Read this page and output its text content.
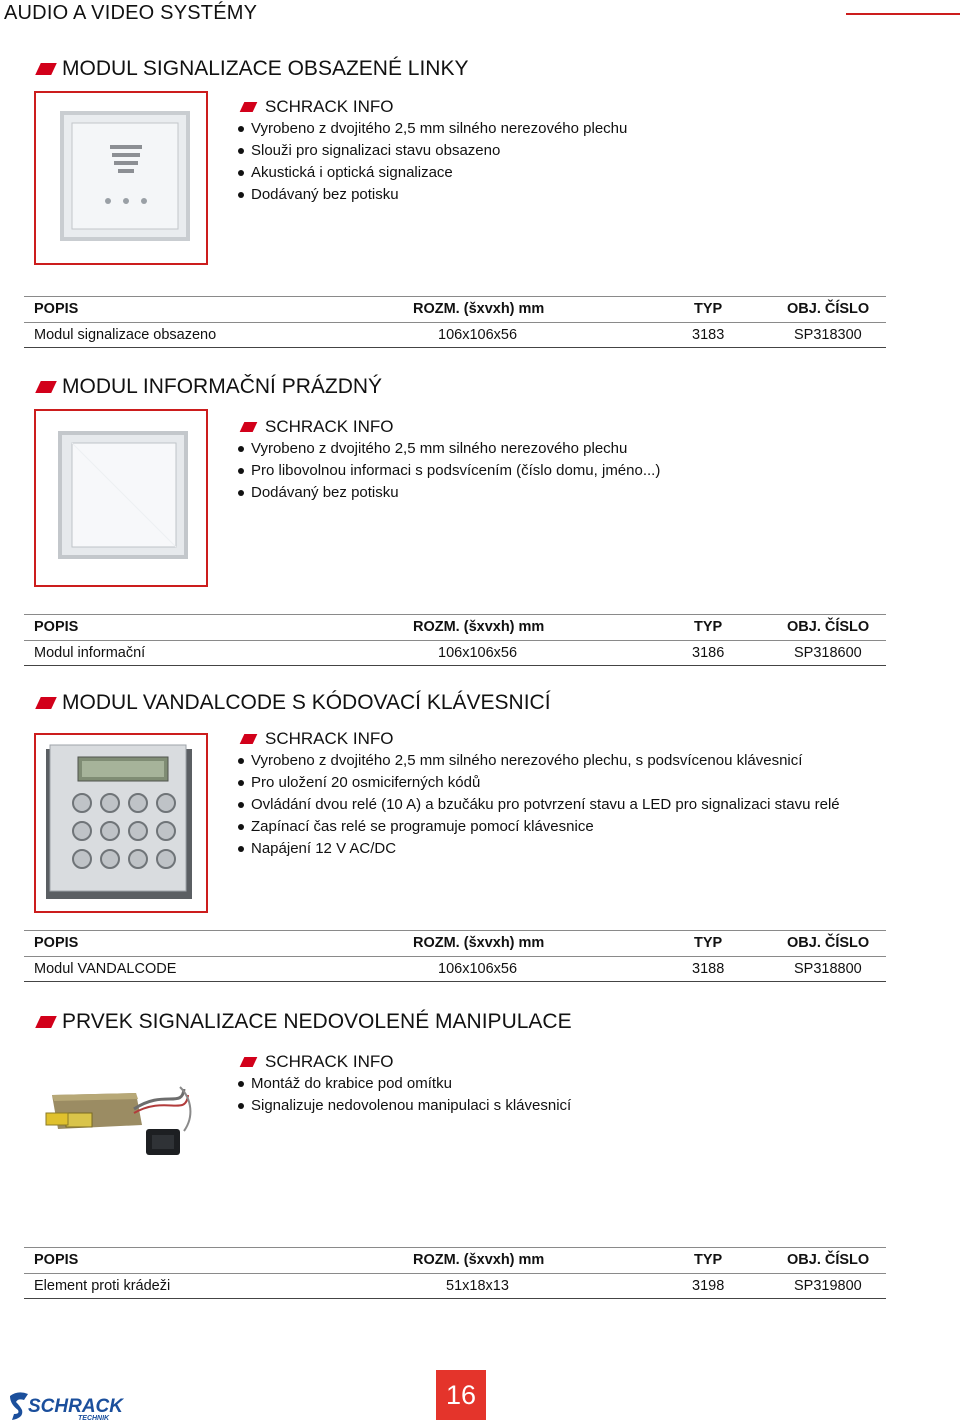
AUDIO A VIDEO SYSTÉMY
MODUL SIGNALIZACE OBSAZENÉ LINKY
SCHRACK INFO
Vyrobeno z dvojitého 2,5 mm silného nerezového plechu
Slouži pro signalizaci stavu obsazeno
Akustická i optická signalizace
Dodávaný bez potisku
POPIS	ROZM. (šxvxh) mm	TYP	OBJ. ČÍSLO
Modul signalizace obsazeno	106x106x56	3183	SP318300
MODUL INFORMAČNÍ PRÁZDNÝ
SCHRACK INFO
Vyrobeno z dvojitého 2,5 mm silného nerezového plechu
Pro libovolnou informaci s podsvícením (číslo domu, jméno...)
Dodávaný bez potisku
POPIS	ROZM. (šxvxh) mm	TYP	OBJ. ČÍSLO
Modul informační	106x106x56	3186	SP318600
MODUL VANDALCODE S KÓDOVACÍ KLÁVESNICÍ
SCHRACK INFO
Vyrobeno z dvojitého 2,5 mm silného nerezového plechu, s podsvícenou klávesnicí
Pro uložení 20 osmiciferných kódů
Ovládání dvou relé (10 A) a bzučáku pro potvrzení stavu a LED pro signalizaci stavu relé
Zapínací čas relé se programuje pomocí klávesnice
Napájení 12 V AC/DC
POPIS	ROZM. (šxvxh) mm	TYP	OBJ. ČÍSLO
Modul VANDALCODE	106x106x56	3188	SP318800
PRVEK SIGNALIZACE NEDOVOLENÉ MANIPULACE
SCHRACK INFO
Montáž do krabice pod omítku
Signalizuje nedovolenou manipulaci s klávesnicí
POPIS	ROZM. (šxvxh) mm	TYP	OBJ. ČÍSLO
Element proti krádeži	51x18x13	3198	SP319800
SCHRACK
TECHNIK
16
